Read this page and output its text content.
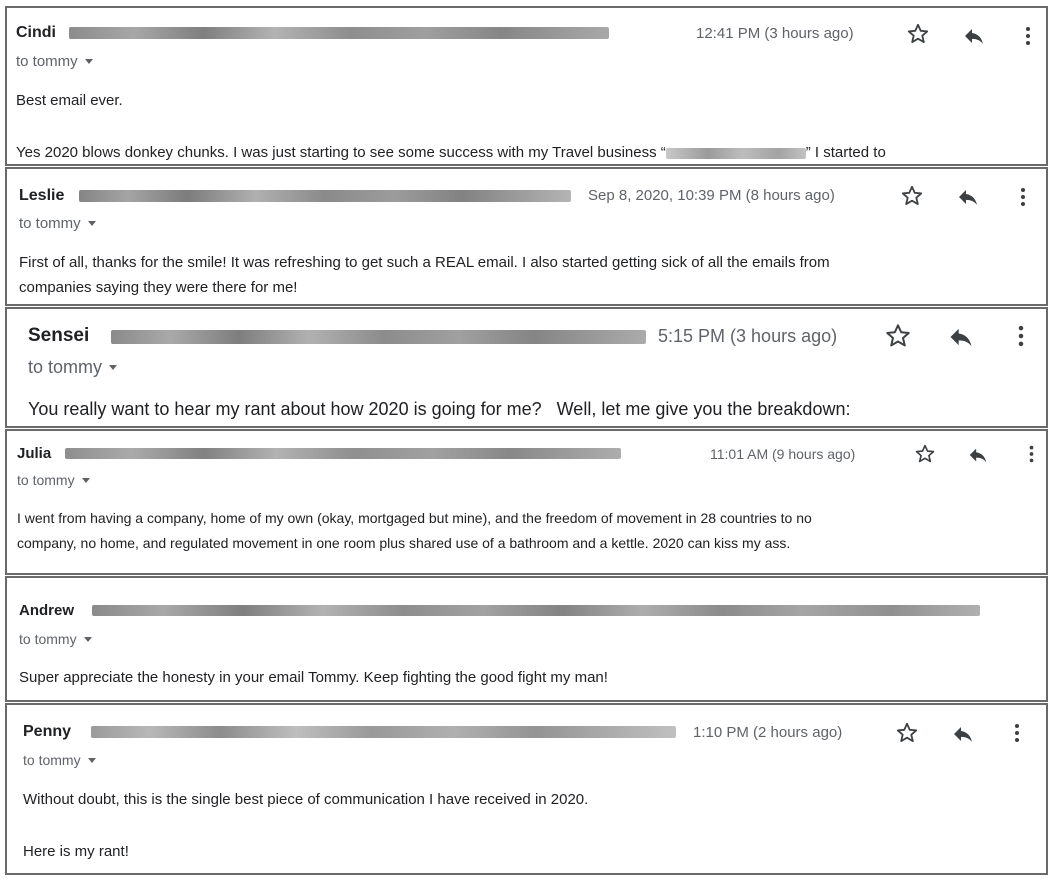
Cindi	12:41 PM (3 hours ago)
to tommy
Best email ever.
Yes 2020 blows donkey chunks. I was just starting to see some success with my Travel business “	” I started to
Leslie	Sep 8, 2020, 10:39 PM (8 hours ago)
to tommy
First of all, thanks for the smile! It was refreshing to get such a REAL email. I also started getting sick of all the emails from
companies saying they were there for me!
Sensei	5:15 PM (3 hours ago)
to tommy
You really want to hear my rant about how 2020 is going for me?   Well, let me give you the breakdown:
Julia	11:01 AM (9 hours ago)
to tommy
I went from having a company, home of my own (okay, mortgaged but mine), and the freedom of movement in 28 countries to no
company, no home, and regulated movement in one room plus shared use of a bathroom and a kettle. 2020 can kiss my ass.
Andrew
to tommy
Super appreciate the honesty in your email Tommy. Keep fighting the good fight my man!
Penny	1:10 PM (2 hours ago)
to tommy
Without doubt, this is the single best piece of communication I have received in 2020.
Here is my rant!
